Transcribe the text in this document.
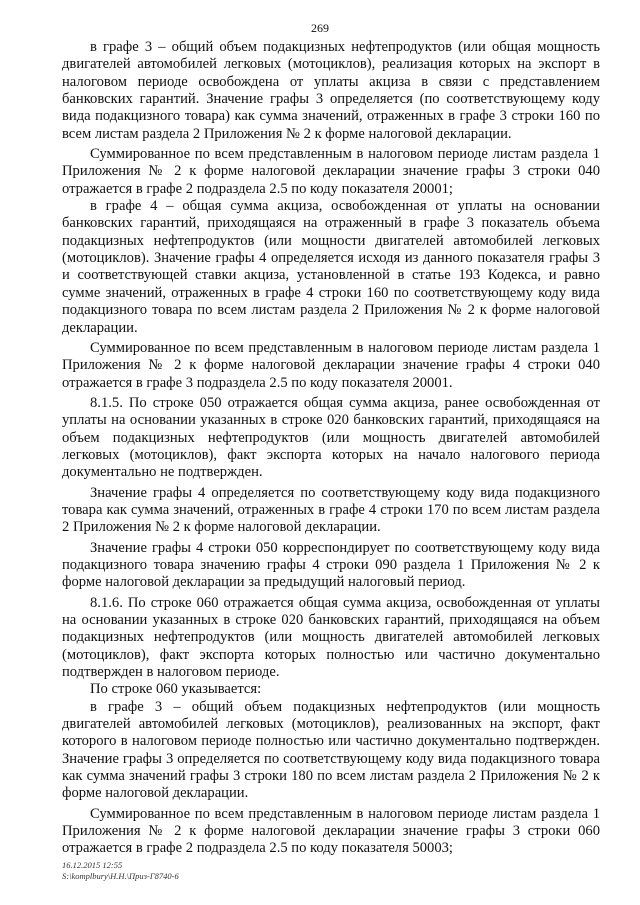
269

в графе 3 – общий объем подакцизных нефтепродуктов (или общая мощность двигателей автомобилей легковых (мотоциклов), реализация которых на экспорт в налоговом периоде освобождена от уплаты акциза в связи с представлением банковских гарантий. Значение графы 3 определяется (по соответствующему коду вида подакцизного товара) как сумма значений, отраженных в графе 3 строки 160 по всем листам раздела 2 Приложения № 2 к форме налоговой декларации.

Суммированное по всем представленным в налоговом периоде листам раздела 1 Приложения № 2 к форме налоговой декларации значение графы 3 строки 040 отражается в графе 2 подраздела 2.5 по коду показателя 20001;

в графе 4 – общая сумма акциза, освобожденная от уплаты на основании банковских гарантий, приходящаяся на отраженный в графе 3 показатель объема подакцизных нефтепродуктов (или мощности двигателей автомобилей легковых (мотоциклов). Значение графы 4 определяется исходя из данного показателя графы 3 и соответствующей ставки акциза, установленной в статье 193 Кодекса, и равно сумме значений, отраженных в графе 4 строки 160 по соответствующему коду вида подакцизного товара по всем листам раздела 2 Приложения № 2 к форме налоговой декларации.

Суммированное по всем представленным в налоговом периоде листам раздела 1 Приложения № 2 к форме налоговой декларации значение графы 4 строки 040 отражается в графе 3 подраздела 2.5 по коду показателя 20001.

8.1.5. По строке 050 отражается общая сумма акциза, ранее освобожденная от уплаты на основании указанных в строке 020 банковских гарантий, приходящаяся на объем подакцизных нефтепродуктов (или мощность двигателей автомобилей легковых (мотоциклов), факт экспорта которых на начало налогового периода документально не подтвержден.

Значение графы 4 определяется по соответствующему коду вида подакцизного товара как сумма значений, отраженных в графе 4 строки 170 по всем листам раздела 2 Приложения № 2 к форме налоговой декларации.

Значение графы 4 строки 050 корреспондирует по соответствующему коду вида подакцизного товара значению графы 4 строки 090 раздела 1 Приложения № 2 к форме налоговой декларации за предыдущий налоговый период.

8.1.6. По строке 060 отражается общая сумма акциза, освобожденная от уплаты на основании указанных в строке 020 банковских гарантий, приходящаяся на объем подакцизных нефтепродуктов (или мощность двигателей автомобилей легковых (мотоциклов), факт экспорта которых полностью или частично документально подтвержден в налоговом периоде.

По строке 060 указывается:

в графе 3 – общий объем подакцизных нефтепродуктов (или мощность двигателей автомобилей легковых (мотоциклов), реализованных на экспорт, факт которого в налоговом периоде полностью или частично документально подтвержден. Значение графы 3 определяется по соответствующему коду вида подакцизного товара как сумма значений графы 3 строки 180 по всем листам раздела 2 Приложения № 2 к форме налоговой декларации.

Суммированное по всем представленным в налоговом периоде листам раздела 1 Приложения № 2 к форме налоговой декларации значение графы 3 строки 060 отражается в графе 2 подраздела 2.5 по коду показателя 50003;

16.12.2015 12:55
S:\komplbury\Н.Н.\Приз-Г8740-6
